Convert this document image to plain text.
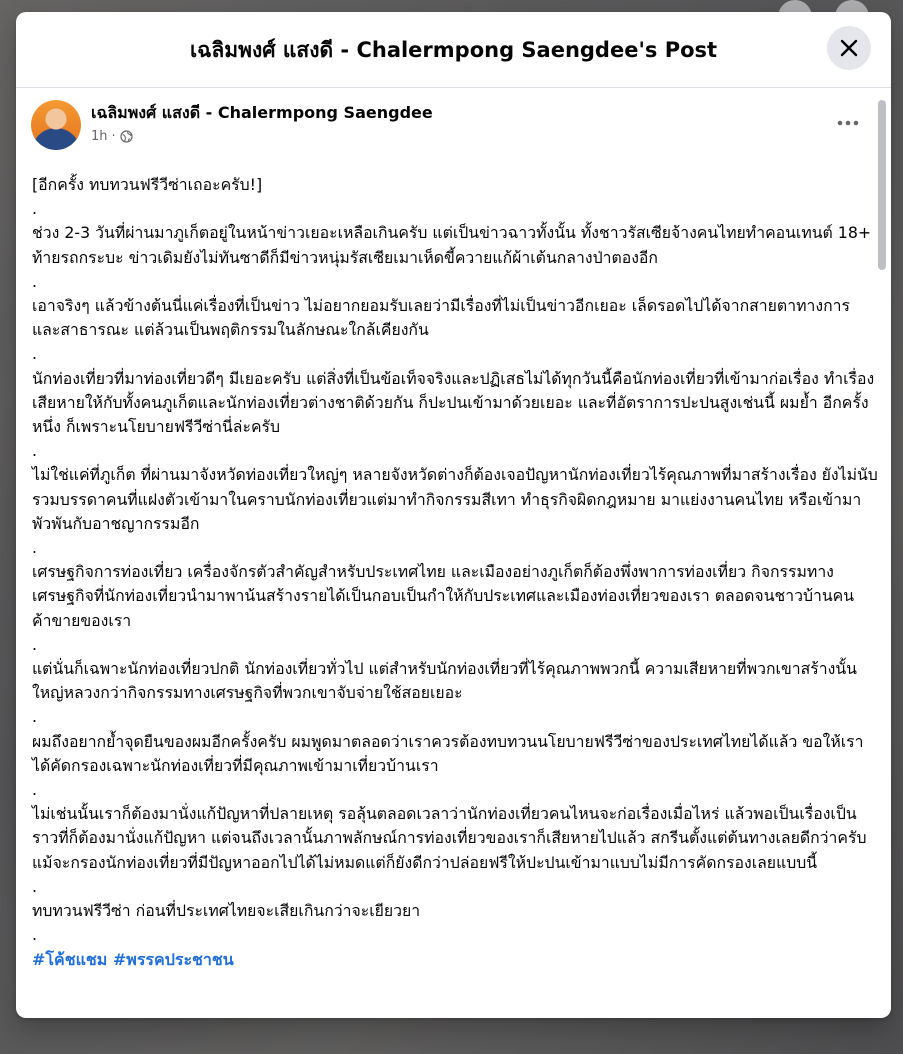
เฉลิมพงศ์ แสงดี - Chalermpong Saengdee's Post
เฉลิมพงศ์ แสงดี - Chalermpong Saengdee
1h ·

[อีกครั้ง ทบทวนฟรีวีซ่าเถอะครับ!]

.

ช่วง 2-3 วันที่ผ่านมาภูเก็ตอยู่ในหน้าข่าวเยอะเหลือเกินครับ แต่เป็นข่าวฉาวทั้งนั้น ทั้งชาวรัสเซียจ้างคนไทยทำคอนเทนต์ 18+ ท้ายรถกระบะ ข่าวเดิมยังไม่ทันซาดีก็มีข่าวหนุ่มรัสเซียเมาเห็ดขี้ควายแก้ผ้าเต้นกลางป่าตองอีก

.

เอาจริงๆ แล้วข้างต้นนี่แค่เรื่องที่เป็นข่าว ไม่อยากยอมรับเลยว่ามีเรื่องที่ไม่เป็นข่าวอีกเยอะ เล็ดรอดไปได้จากสายตาทางการและสาธารณะ แต่ล้วนเป็นพฤติกรรมในลักษณะใกล้เคียงกัน

.

นักท่องเที่ยวที่มาท่องเที่ยวดีๆ มีเยอะครับ แต่สิ่งที่เป็นข้อเท็จจริงและปฏิเสธไม่ได้ทุกวันนี้คือนักท่องเที่ยวที่เข้ามาก่อเรื่อง ทำเรื่องเสียหายให้กับทั้งคนภูเก็ตและนักท่องเที่ยวต่างชาติด้วยกัน ก็ปะปนเข้ามาด้วยเยอะ และที่อัตราการปะปนสูงเช่นนี้ ผมย้ำ ￼อีกครั้งหนึ่ง ก็เพราะนโยบายฟรีวีซ่านี่ล่ะครับ

.

ไม่ใช่แค่ที่ภูเก็ต ที่ผ่านมาจังหวัดท่องเที่ยวใหญ่ๆ หลายจังหวัดต่างก็ต้องเจอปัญหานักท่องเที่ยวไร้คุณภาพที่มาสร้างเรื่อง ยังไม่นับรวมบรรดาคนที่แฝงตัวเข้ามาในคราบนักท่องเที่ยวแต่มาทำกิจกรรมสีเทา ทำธุรกิจผิดกฎหมาย มาแย่งงานคนไทย หรือเข้ามาพัวพันกับอาชญากรรมอีก

.

เศรษฐกิจการท่องเที่ยว เครื่องจักรตัวสำคัญสำหรับประเทศไทย และเมืองอย่างภูเก็ตก็ต้องพึ่งพาการท่องเที่ยว กิจกรรมทางเศรษฐกิจที่นักท่องเที่ยวนำมาพาน้นสร้างรายได้เป็นกอบเป็นกำให้กับประเทศและเมืองท่องเที่ยวของเรา ตลอดจนชาวบ้านคนค้าขายของเรา

.

แต่นั่นก็เฉพาะนักท่องเที่ยวปกติ นักท่องเที่ยวทั่วไป แต่สำหรับนักท่องเที่ยวที่ไร้คุณภาพพวกนี้ ความเสียหายที่พวกเขาสร้างนั้นใหญ่หลวงกว่ากิจกรรมทางเศรษฐกิจที่พวกเขาจับจ่ายใช้สอยเยอะ

.

ผมถึงอยากย้ำจุดยืนของผมอีกครั้งครับ ผมพูดมาตลอดว่าเราควรต้องทบทวนนโยบายฟรีวีซ่าของประเทศไทยได้แล้ว ขอให้เราได้คัดกรองเฉพาะนักท่องเที่ยวที่มีคุณภาพเข้ามาเที่ยวบ้านเรา

.

ไม่เช่นนั้นเราก็ต้องมานั่งแก้ปัญหาที่ปลายเหตุ รอลุ้นตลอดเวลาว่านักท่องเที่ยวคนไหนจะก่อเรื่องเมื่อไหร่ แล้วพอเป็นเรื่องเป็นราวที่ก็ต้องมานั่งแก้ปัญหา แต่จนถึงเวลานั้นภาพลักษณ์การท่องเที่ยวของเราก็เสียหายไปแล้ว สกรีนตั้งแต่ต้นทางเลยดีกว่าครับ แม้จะกรองนักท่องเที่ยวที่มีปัญหาออกไปได้ไม่หมดแต่ก็ยังดีกว่าปล่อยฟรีให้ปะปนเข้ามาแบบไม่มีการคัดกรองเลยแบบนี้

.

ทบทวนฟรีวีซ่า ก่อนที่ประเทศไทยจะเสียเกินกว่าจะเยียวยา￼

.

#โค้ชแชม #พรรคประชาชน
